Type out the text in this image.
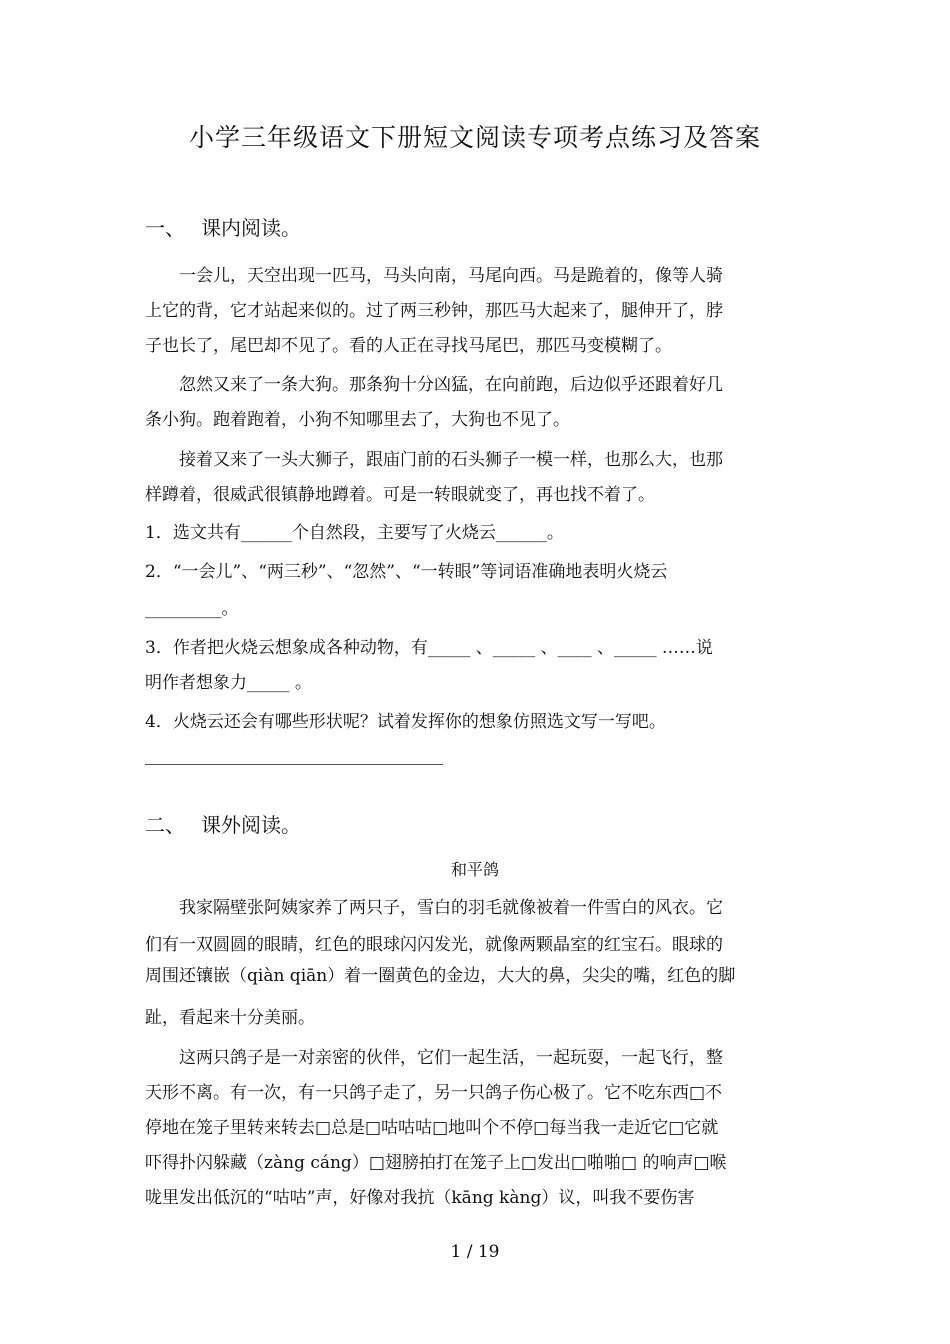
小学三年级语文下册短文阅读专项考点练习及答案
一、 课内阅读。
一会儿，天空出现一匹马，马头向南，马尾向西。马是跪着的，像等人骑
上它的背，它才站起来似的。过了两三秒钟，那匹马大起来了，腿伸开了，脖
子也长了，尾巴却不见了。看的人正在寻找马尾巴，那匹马变模糊了。
忽然又来了一条大狗。那条狗十分凶猛，在向前跑，后边似乎还跟着好几
条小狗。跑着跑着，小狗不知哪里去了，大狗也不见了。
接着又来了一头大狮子，跟庙门前的石头狮子一模一样，也那么大，也那
样蹲着，很威武很镇静地蹲着。可是一转眼就变了，再也找不着了。
1．选文共有______个自然段，主要写了火烧云______。
2．“一会儿”、“两三秒”、“忽然”、“一转眼”等词语准确地表明火烧云
_________。
3．作者把火烧云想象成各种动物，有_____ 、_____ 、____ 、_____ ……说
明作者想象力_____ 。
4．火烧云还会有哪些形状呢？试着发挥你的想象仿照选文写一写吧。
二、 课外阅读。
和平鸽
我家隔壁张阿姨家养了两只子，雪白的羽毛就像被着一件雪白的风衣。它
们有一双圆圆的眼睛，红色的眼球闪闪发光，就像两颗晶室的红宝石。眼球的
周围还镶嵌（qiàn qiān）着一圈黄色的金边，大大的鼻，尖尖的嘴，红色的脚
趾，看起来十分美丽。
这两只鸽子是一对亲密的伙伴，它们一起生活，一起玩耍，一起飞行，整
天形不离。有一次，有一只鸽子走了，另一只鸽子伤心极了。它不吃东西□不
停地在笼子里转来转去□总是□咕咕咕□地叫个不停□每当我一走近它□它就
吓得扑闪躲藏（zàng cáng）□翅膀拍打在笼子上□发出□啪啪□ 的响声□喉
咙里发出低沉的“咕咕”声，好像对我抗（kāng kàng）议，叫我不要伤害
1 / 19
